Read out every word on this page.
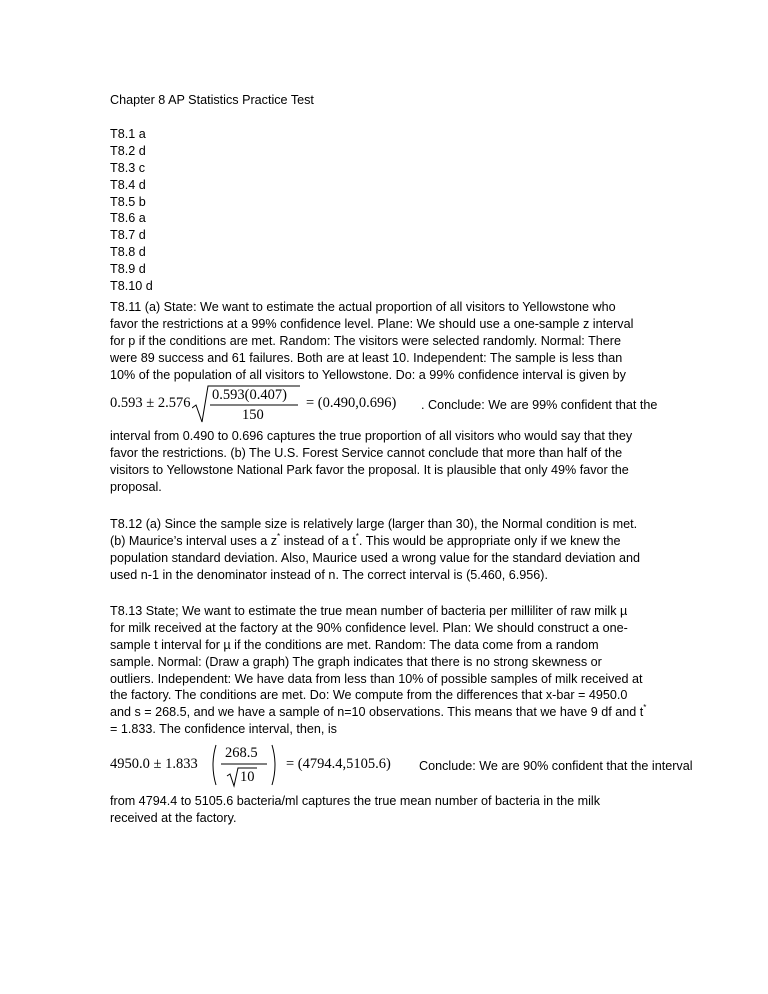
Chapter 8 AP Statistics Practice Test
T8.1 a
T8.2 d
T8.3 c
T8.4 d
T8.5 b
T8.6 a
T8.7 d
T8.8 d
T8.9 d
T8.10 d
T8.11 (a) State: We want to estimate the actual proportion of all visitors to Yellowstone who
favor the restrictions at a 99% confidence level. Plane: We should use a one-sample z interval
for p if the conditions are met. Random: The visitors were selected randomly. Normal: There
were 89 success and 61 failures. Both are at least 10. Independent: The sample is less than
10% of the population of all visitors to Yellowstone. Do: a 99% confidence interval is given by
0.593 ± 2.576 0.593(0.407)
150
= (0.490,0.696) . Conclude: We are 99% confident that the
interval from 0.490 to 0.696 captures the true proportion of all visitors who would say that they
favor the restrictions. (b) The U.S. Forest Service cannot conclude that more than half of the
visitors to Yellowstone National Park favor the proposal. It is plausible that only 49% favor the
proposal.
T8.12 (a) Since the sample size is relatively large (larger than 30), the Normal condition is met.
(b) Maurice’s interval uses a z* instead of a t*. This would be appropriate only if we knew the
population standard deviation. Also, Maurice used a wrong value for the standard deviation and
used n-1 in the denominator instead of n. The correct interval is (5.460, 6.956).
T8.13 State; We want to estimate the true mean number of bacteria per milliliter of raw milk µ
for milk received at the factory at the 90% confidence level. Plan: We should construct a one-
sample t interval for µ if the conditions are met. Random: The data come from a random
sample. Normal: (Draw a graph) The graph indicates that there is no strong skewness or
outliers. Independent: We have data from less than 10% of possible samples of milk received at
the factory. The conditions are met. Do: We compute from the differences that x-bar = 4950.0
and s = 268.5, and we have a sample of n=10 observations. This means that we have 9 df and t*
= 1.833. The confidence interval, then, is
4950.0 ± 1.833
268.5
10
= (4794.4,5105.6) Conclude: We are 90% confident that the interval
from 4794.4 to 5105.6 bacteria/ml captures the true mean number of bacteria in the milk
received at the factory.
